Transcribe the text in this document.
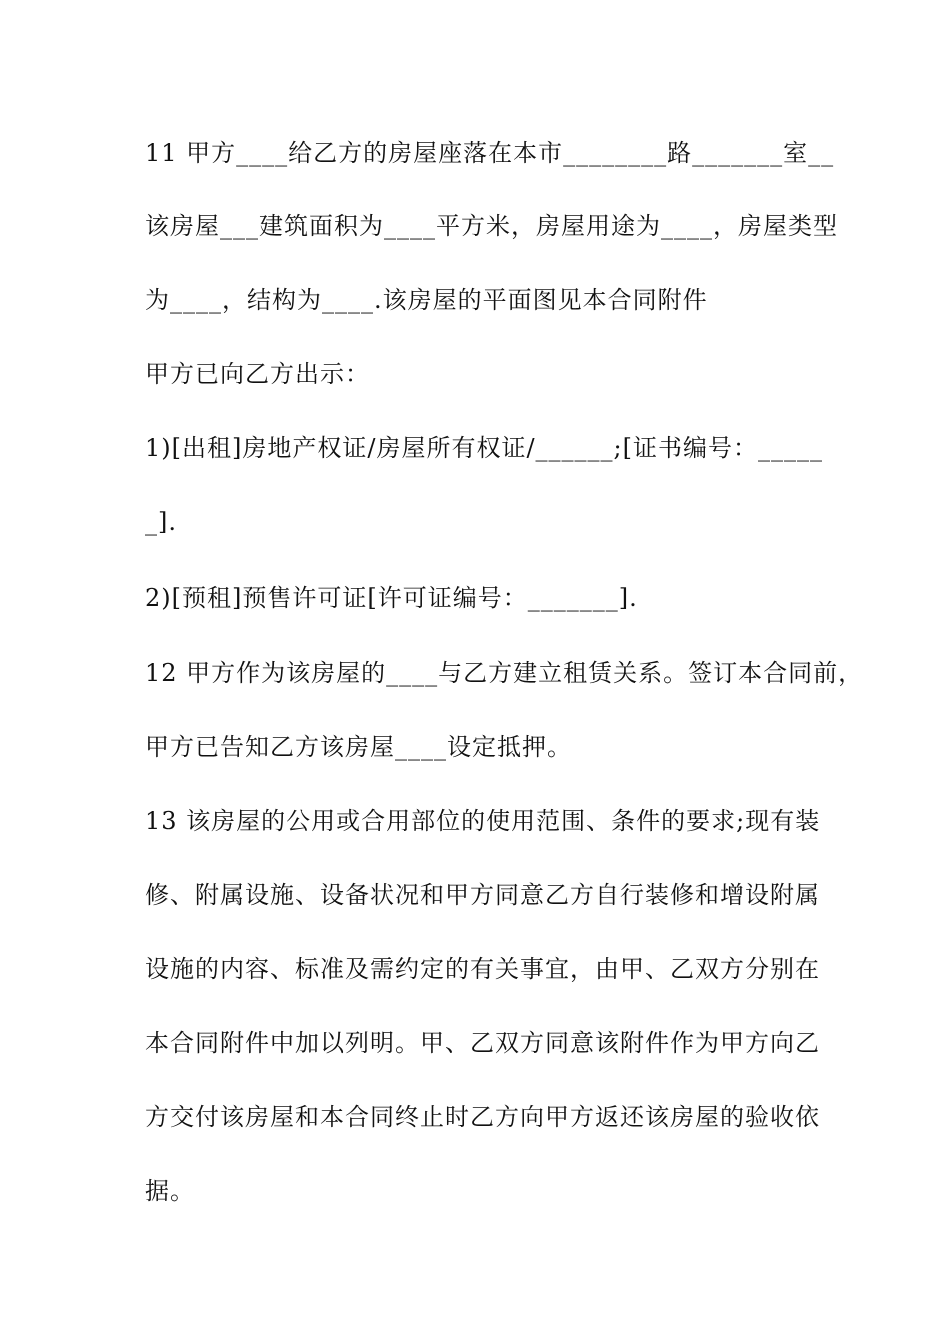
11 甲方____给乙方的房屋座落在本市________路_______室__
该房屋___建筑面积为____平方米，房屋用途为____，房屋类型
为____，结构为____.该房屋的平面图见本合同附件
甲方已向乙方出示：
1)[出租]房地产权证/房屋所有权证/______;[证书编号：_____
_].
2)[预租]预售许可证[许可证编号：_______].
12 甲方作为该房屋的____与乙方建立租赁关系。签订本合同前，
甲方已告知乙方该房屋____设定抵押。
13 该房屋的公用或合用部位的使用范围、条件的要求;现有装
修、附属设施、设备状况和甲方同意乙方自行装修和增设附属
设施的内容、标准及需约定的有关事宜，由甲、乙双方分别在
本合同附件中加以列明。甲、乙双方同意该附件作为甲方向乙
方交付该房屋和本合同终止时乙方向甲方返还该房屋的验收依
据。
